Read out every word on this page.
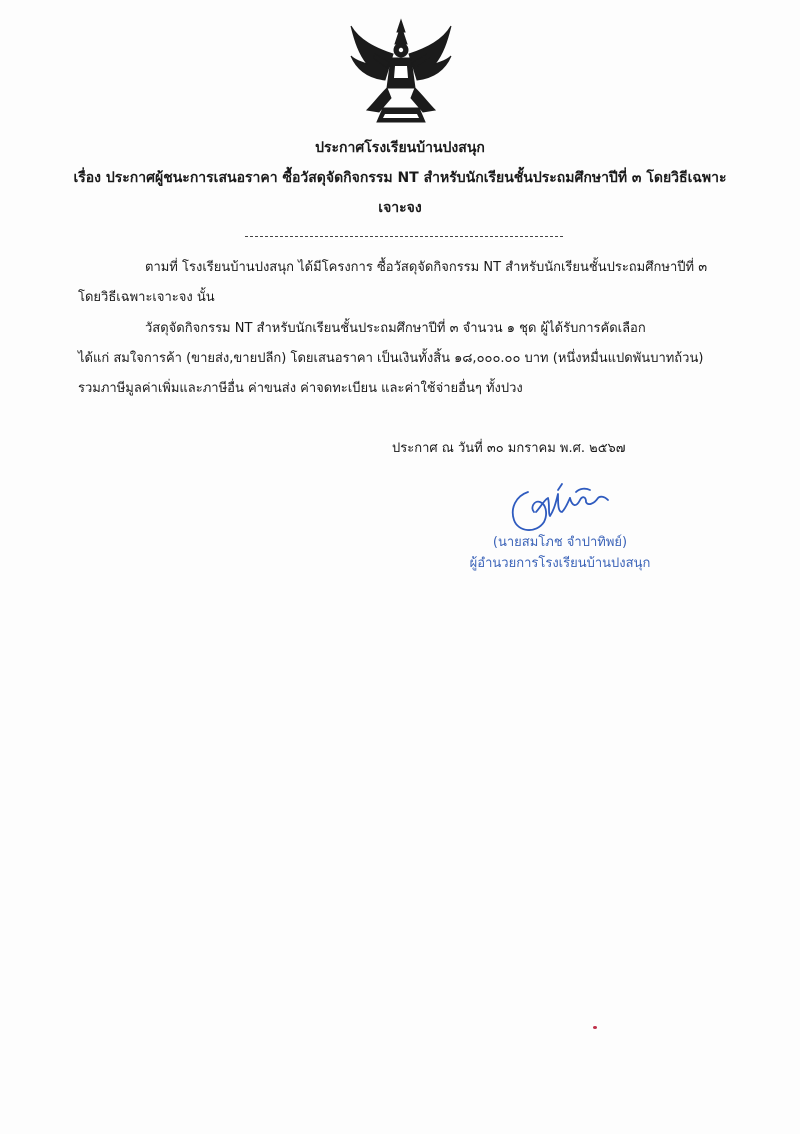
ประกาศโรงเรียนบ้านปงสนุก
เรื่อง ประกาศผู้ชนะการเสนอราคา ซื้อวัสดุจัดกิจกรรม NT สำหรับนักเรียนชั้นประถมศึกษาปีที่ ๓ โดยวิธีเฉพาะ
เจาะจง
ตามที่ โรงเรียนบ้านปงสนุก ได้มีโครงการ ซื้อวัสดุจัดกิจกรรม NT สำหรับนักเรียนชั้นประถมศึกษาปีที่ ๓
โดยวิธีเฉพาะเจาะจง นั้น
วัสดุจัดกิจกรรม NT สำหรับนักเรียนชั้นประถมศึกษาปีที่ ๓ จำนวน ๑ ชุด ผู้ได้รับการคัดเลือก
ได้แก่ สมใจการค้า (ขายส่ง,ขายปลีก) โดยเสนอราคา เป็นเงินทั้งสิ้น ๑๘,๐๐๐.๐๐ บาท (หนึ่งหมื่นแปดพันบาทถ้วน)
รวมภาษีมูลค่าเพิ่มและภาษีอื่น ค่าขนส่ง ค่าจดทะเบียน และค่าใช้จ่ายอื่นๆ ทั้งปวง
ประกาศ ณ วันที่ ๓๐ มกราคม พ.ศ. ๒๕๖๗
(นายสมโภช จำปาทิพย์)
ผู้อำนวยการโรงเรียนบ้านปงสนุก
